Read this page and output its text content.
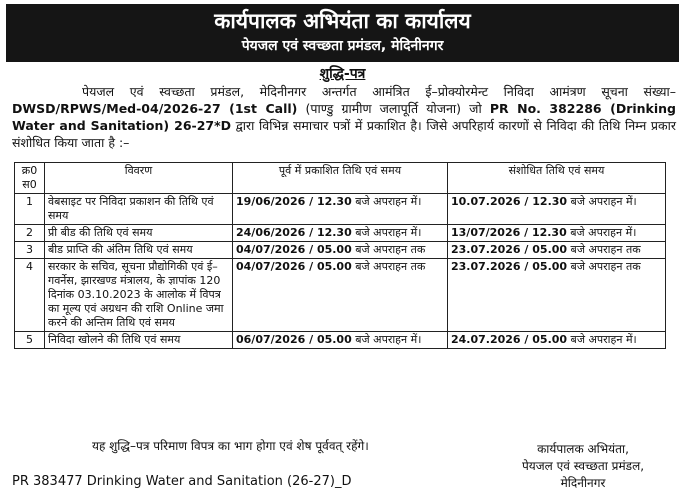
कार्यपालक अभियंता का कार्यालय
पेयजल एवं स्वच्छता प्रमंडल, मेदिनीनगर
शुद्धि-पत्र
पेयजल एवं स्वच्छता प्रमंडल, मेदिनीनगर अन्तर्गत आमंत्रित ई–प्रोक्योरमेन्ट निविदा आमंत्रण सूचना संख्या– DWSD/RPWS/Med-04/2026-27 (1st Call) (पाण्डु ग्रामीण जलापूर्ति योजना) जो PR No. 382286 (Drinking Water and Sanitation) 26-27*D द्वारा विभिन्न समाचार पत्रों में प्रकाशित है। जिसे अपरिहार्य कारणों से निविदा की तिथि निम्न प्रकार संशोधित किया जाता है :–
क्र0 स0	विवरण	पूर्व में प्रकाशित तिथि एवं समय	संशोधित तिथि एवं समय
1	वेबसाइट पर निविदा प्रकाशन की तिथि एवं समय	19/06/2026 / 12.30 बजे अपराहन में।	10.07.2026 / 12.30 बजे अपराहन में।
2	प्री बीड की तिथि एवं समय	24/06/2026 / 12.30 बजे अपराहन में।	13/07/2026 / 12.30 बजे अपराहन में।
3	बीड प्राप्ति की अंतिम तिथि एवं समय	04/07/2026 / 05.00 बजे अपराहन तक	23.07.2026 / 05.00 बजे अपराहन तक
4	सरकार के सचिव, सूचना प्रौद्योगिकी एवं ई–गवर्नेस, झारखण्ड मंत्रालय, के ज्ञापांक 120 दिनांक 03.10.2023 के आलोक में विपत्र का मूल्य एवं अग्रधन की राशि Online जमा करने की अन्तिम तिथि एवं समय	04/07/2026 / 05.00 बजे अपराहन तक	23.07.2026 / 05.00 बजे अपराहन तक
5	निविदा खोलने की तिथि एवं समय	06/07/2026 / 05.00 बजे अपराहन में।	24.07.2026 / 05.00 बजे अपराहन में।
यह शुद्धि–पत्र परिमाण विपत्र का भाग होगा एवं शेष पूर्ववत् रहेंगे।	कार्यपालक अभियंता,
पेयजल एवं स्वच्छता प्रमंडल,
मेदिनीनगर
PR 383477 Drinking Water and Sanitation (26-27)_D
